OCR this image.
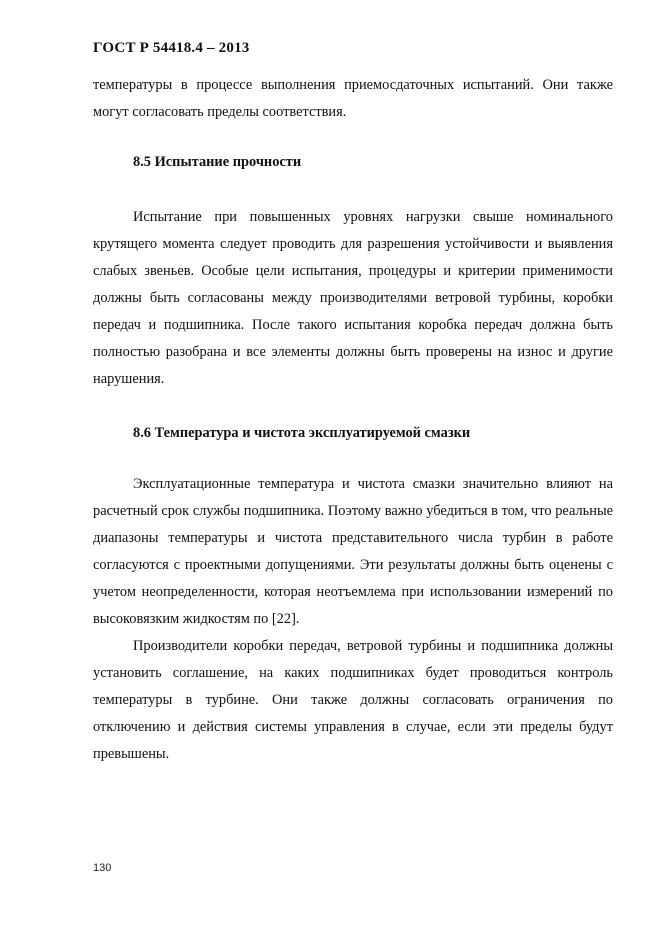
ГОСТ Р 54418.4 – 2013

температуры в процессе выполнения приемосдаточных испытаний. Они также могут согласовать пределы соответствия.

8.5 Испытание прочности

Испытание при повышенных уровнях нагрузки свыше номинального крутящего момента следует проводить для разрешения устойчивости и выявления слабых звеньев. Особые цели испытания, процедуры и критерии применимости должны быть согласованы между производителями ветровой турбины, коробки передач и подшипника. После такого испытания коробка передач должна быть полностью разобрана и все элементы должны быть проверены на износ и другие нарушения.

8.6 Температура и чистота эксплуатируемой смазки

Эксплуатационные температура и чистота смазки значительно влияют на расчетный срок службы подшипника. Поэтому важно убедиться в том, что реальные диапазоны температуры и чистота представительного числа турбин в работе согласуются с проектными допущениями. Эти результаты должны быть оценены с учетом неопределенности, которая неотъемлема при использовании измерений по высоковязким жидкостям по [22].

Производители коробки передач, ветровой турбины и подшипника должны установить соглашение, на каких подшипниках будет проводиться контроль температуры в турбине. Они также должны согласовать ограничения по отключению и действия системы управления в случае, если эти пределы будут превышены.

130
